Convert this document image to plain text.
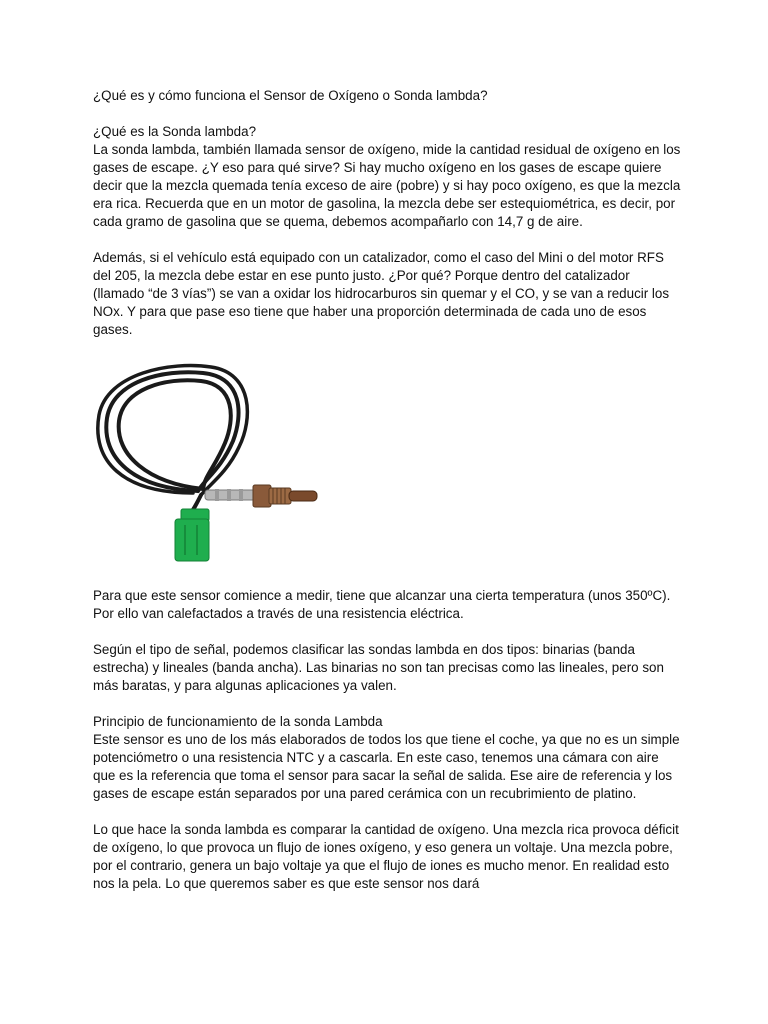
¿Qué es y cómo funciona el Sensor de Oxígeno o Sonda lambda?

¿Qué es la Sonda lambda?

La sonda lambda, también llamada sensor de oxígeno, mide la cantidad residual de oxígeno en los gases de escape. ¿Y eso para qué sirve? Si hay mucho oxígeno en los gases de escape quiere decir que la mezcla quemada tenía exceso de aire (pobre) y si hay poco oxígeno, es que la mezcla era rica. Recuerda que en un motor de gasolina, la mezcla debe ser estequiométrica, es decir, por cada gramo de gasolina que se quema, debemos acompañarlo con 14,7 g de aire.

Además, si el vehículo está equipado con un catalizador, como el caso del Mini o del motor RFS del 205, la mezcla debe estar en ese punto justo. ¿Por qué? Porque dentro del catalizador (llamado “de 3 vías”) se van a oxidar los hidrocarburos sin quemar y el CO, y se van a reducir los NOx. Y para que pase eso tiene que haber una proporción determinada de cada uno de esos gases.

Para que este sensor comience a medir, tiene que alcanzar una cierta temperatura (unos 350ºC). Por ello van calefactados a través de una resistencia eléctrica.

Según el tipo de señal, podemos clasificar las sondas lambda en dos tipos: binarias (banda estrecha) y lineales (banda ancha). Las binarias no son tan precisas como las lineales, pero son más baratas, y para algunas aplicaciones ya valen.

Principio de funcionamiento de la sonda Lambda

Este sensor es uno de los más elaborados de todos los que tiene el coche, ya que no es un simple potenciómetro o una resistencia NTC y a cascarla. En este caso, tenemos una cámara con aire que es la referencia que toma el sensor para sacar la señal de salida. Ese aire de referencia y los gases de escape están separados por una pared cerámica con un recubrimiento de platino.

Lo que hace la sonda lambda es comparar la cantidad de oxígeno. Una mezcla rica provoca déficit de oxígeno, lo que provoca un flujo de iones oxígeno, y eso genera un voltaje. Una mezcla pobre, por el contrario, genera un bajo voltaje ya que el flujo de iones es mucho menor. En realidad esto nos la pela. Lo que queremos saber es que este sensor nos dará
